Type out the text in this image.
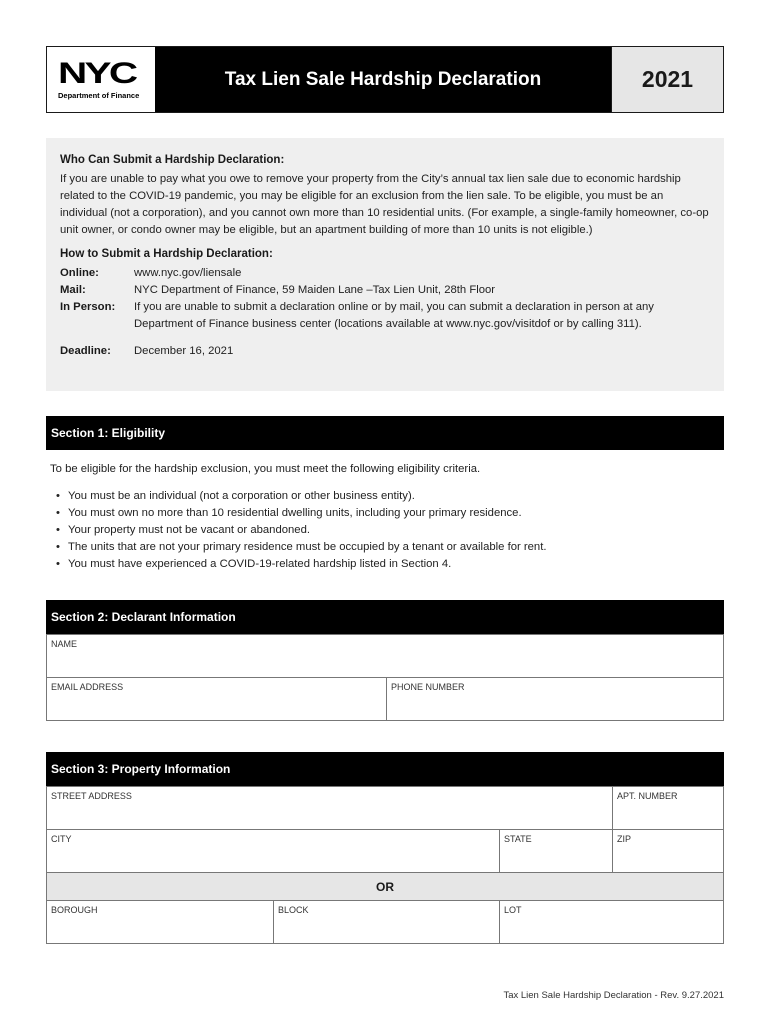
NYC
Department of Finance
Tax Lien Sale Hardship Declaration	2021
Who Can Submit a Hardship Declaration:

If you are unable to pay what you owe to remove your property from the City’s annual tax lien sale due to economic hardship related to the COVID-19 pandemic, you may be eligible for an exclusion from the lien sale. To be eligible, you must be an individual (not a corporation), and you cannot own more than 10 residential units. (For example, a single-family homeowner, co-op unit owner, or condo owner may be eligible, but an apartment building of more than 10 units is not eligible.)

How to Submit a Hardship Declaration:
Online:	www.nyc.gov/liensale
Mail:	NYC Department of Finance, 59 Maiden Lane –Tax Lien Unit, 28th Floor
In Person:	If you are unable to submit a declaration online or by mail, you can submit a declaration in person at any Department of Finance business center (locations available at www.nyc.gov/visitdof or by calling 311).
Deadline:	December 16, 2021
Section 1: Eligibility
To be eligible for the hardship exclusion, you must meet the following eligibility criteria.
• You must be an individual (not a corporation or other business entity).
• You must own no more than 10 residential dwelling units, including your primary residence.
• Your property must not be vacant or abandoned.
• The units that are not your primary residence must be occupied by a tenant or available for rent.
• You must have experienced a COVID-19-related hardship listed in Section 4.
Section 2: Declarant Information
NAME
EMAIL ADDRESS	PHONE NUMBER
Section 3: Property Information
STREET ADDRESS	APT. NUMBER
CITY	STATE	ZIP
OR
BOROUGH	BLOCK	LOT
Tax Lien Sale Hardship Declaration - Rev. 9.27.2021
